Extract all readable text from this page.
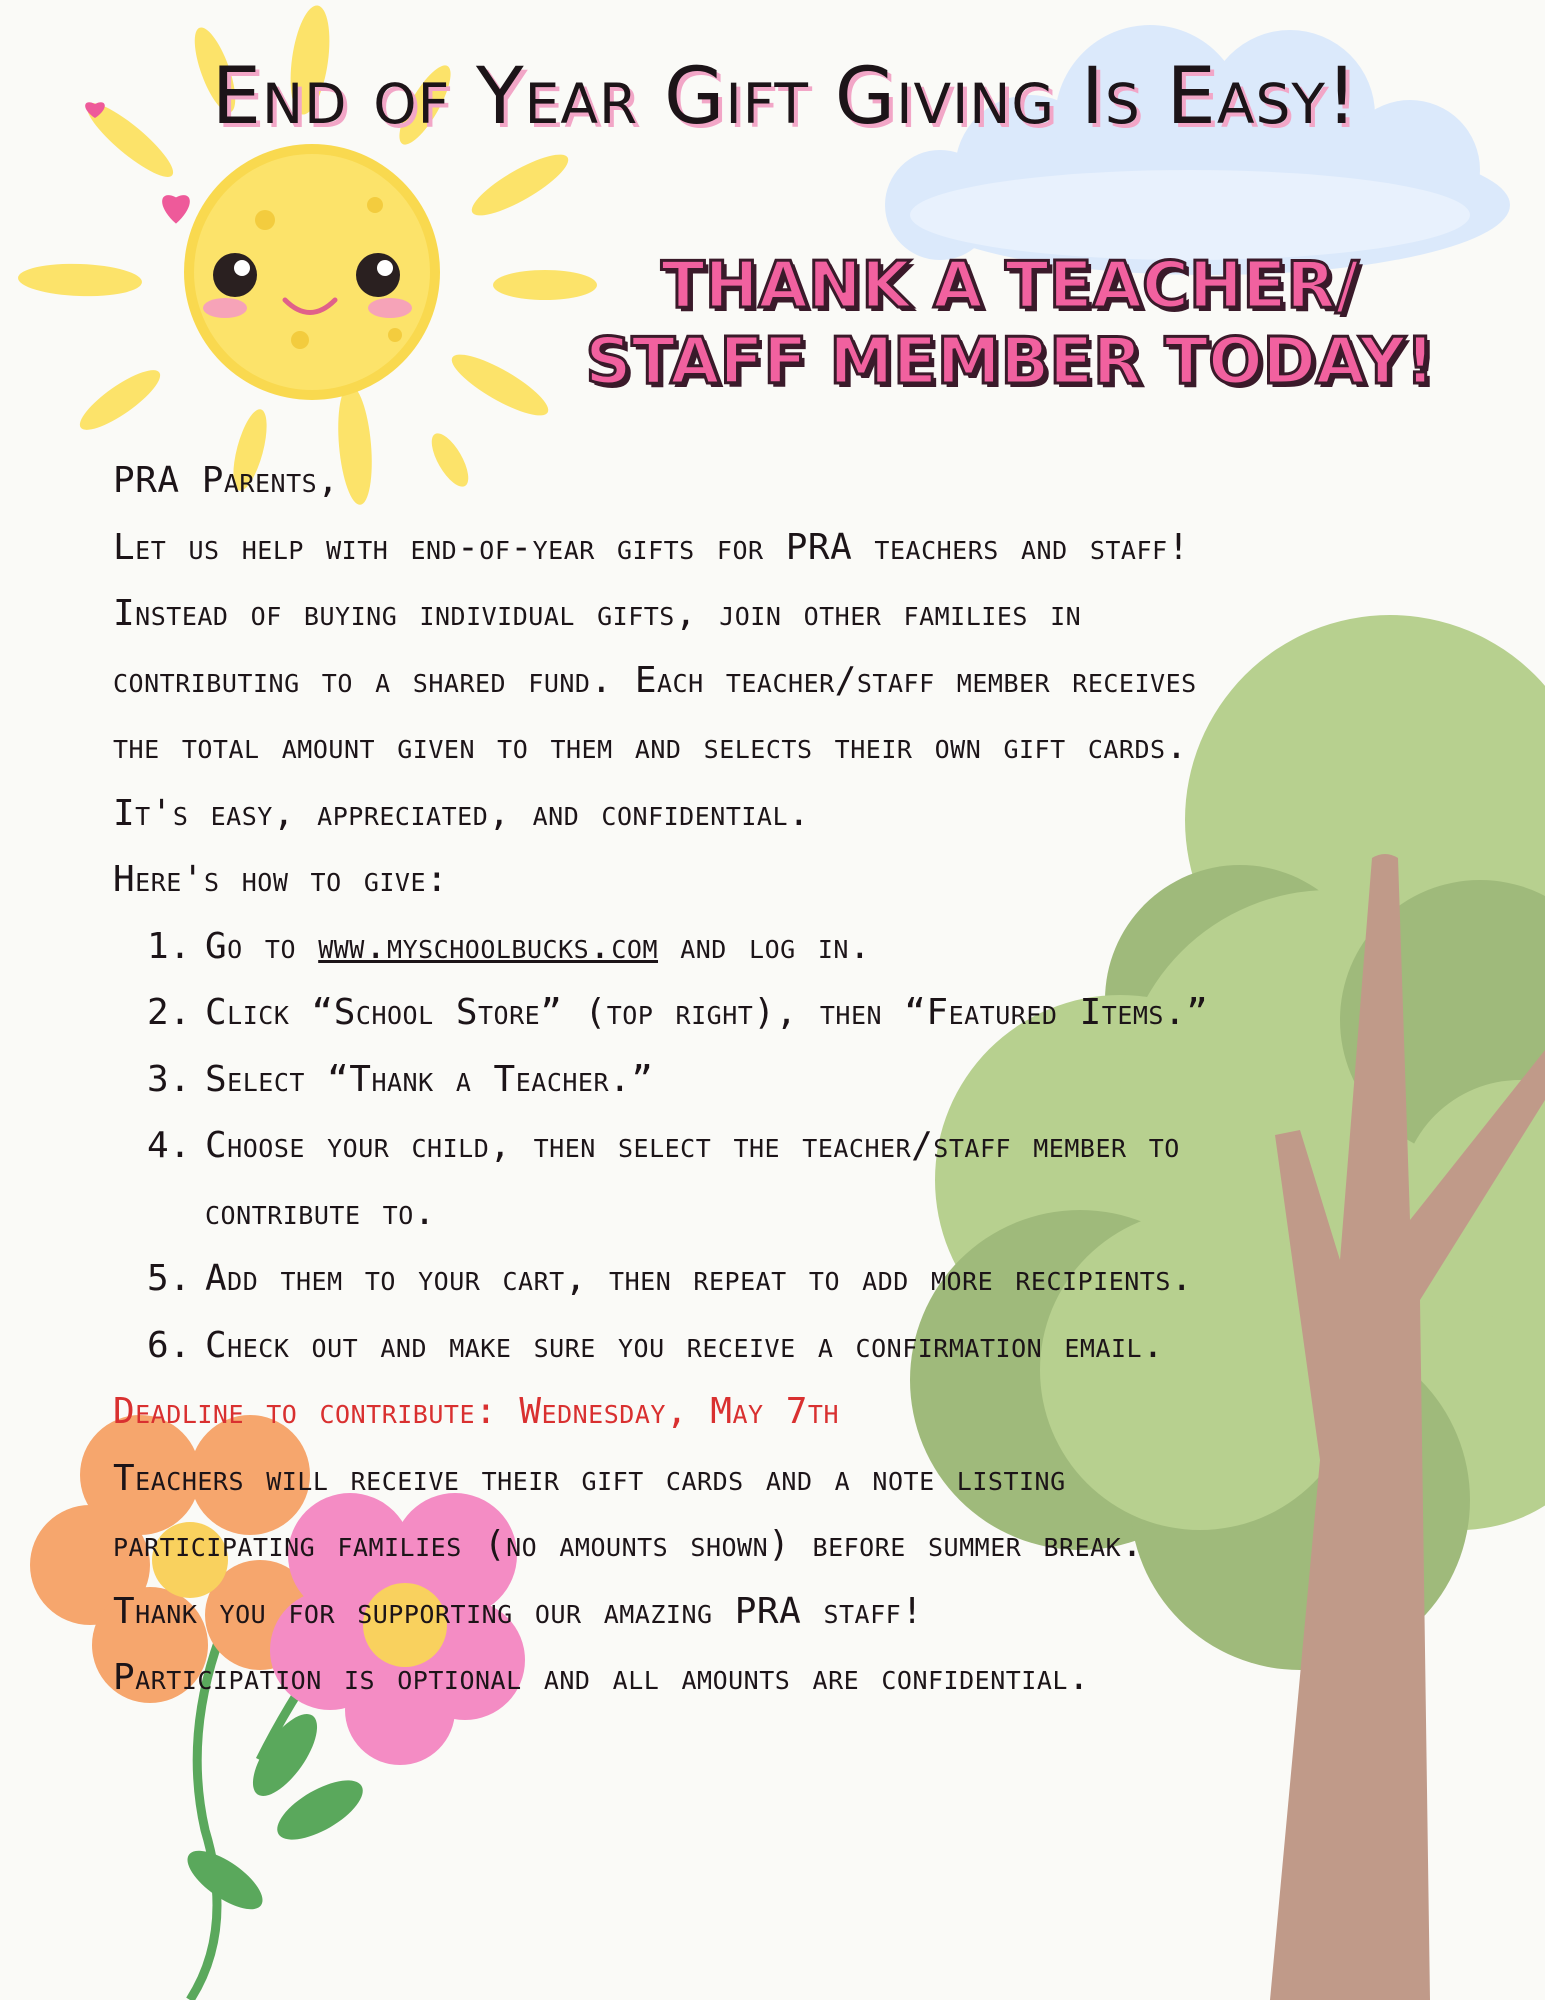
End of Year Gift Giving Is Easy!
THANK A TEACHER/
STAFF MEMBER TODAY!

PRA Parents,

Let us help with end-of-year gifts for PRA teachers and staff!

Instead of buying individual gifts, join other families in

contributing to a shared fund. Each teacher/staff member receives

the total amount given to them and selects their own gift cards.

It's easy, appreciated, and confidential.

Here's how to give:

1. Go to www.myschoolbucks.com and log in.
2. Click “School Store” (top right), then “Featured Items.”
3. Select “Thank a Teacher.”
4. Choose your child, then select the teacher/staff member to
contribute to.
5. Add them to your cart, then repeat to add more recipients.
6. Check out and make sure you receive a confirmation email.

Deadline to contribute: Wednesday, May 7th

Teachers will receive their gift cards and a note listing

participating families (no amounts shown) before summer break.

Thank you for supporting our amazing PRA staff!

Participation is optional and all amounts are confidential.
